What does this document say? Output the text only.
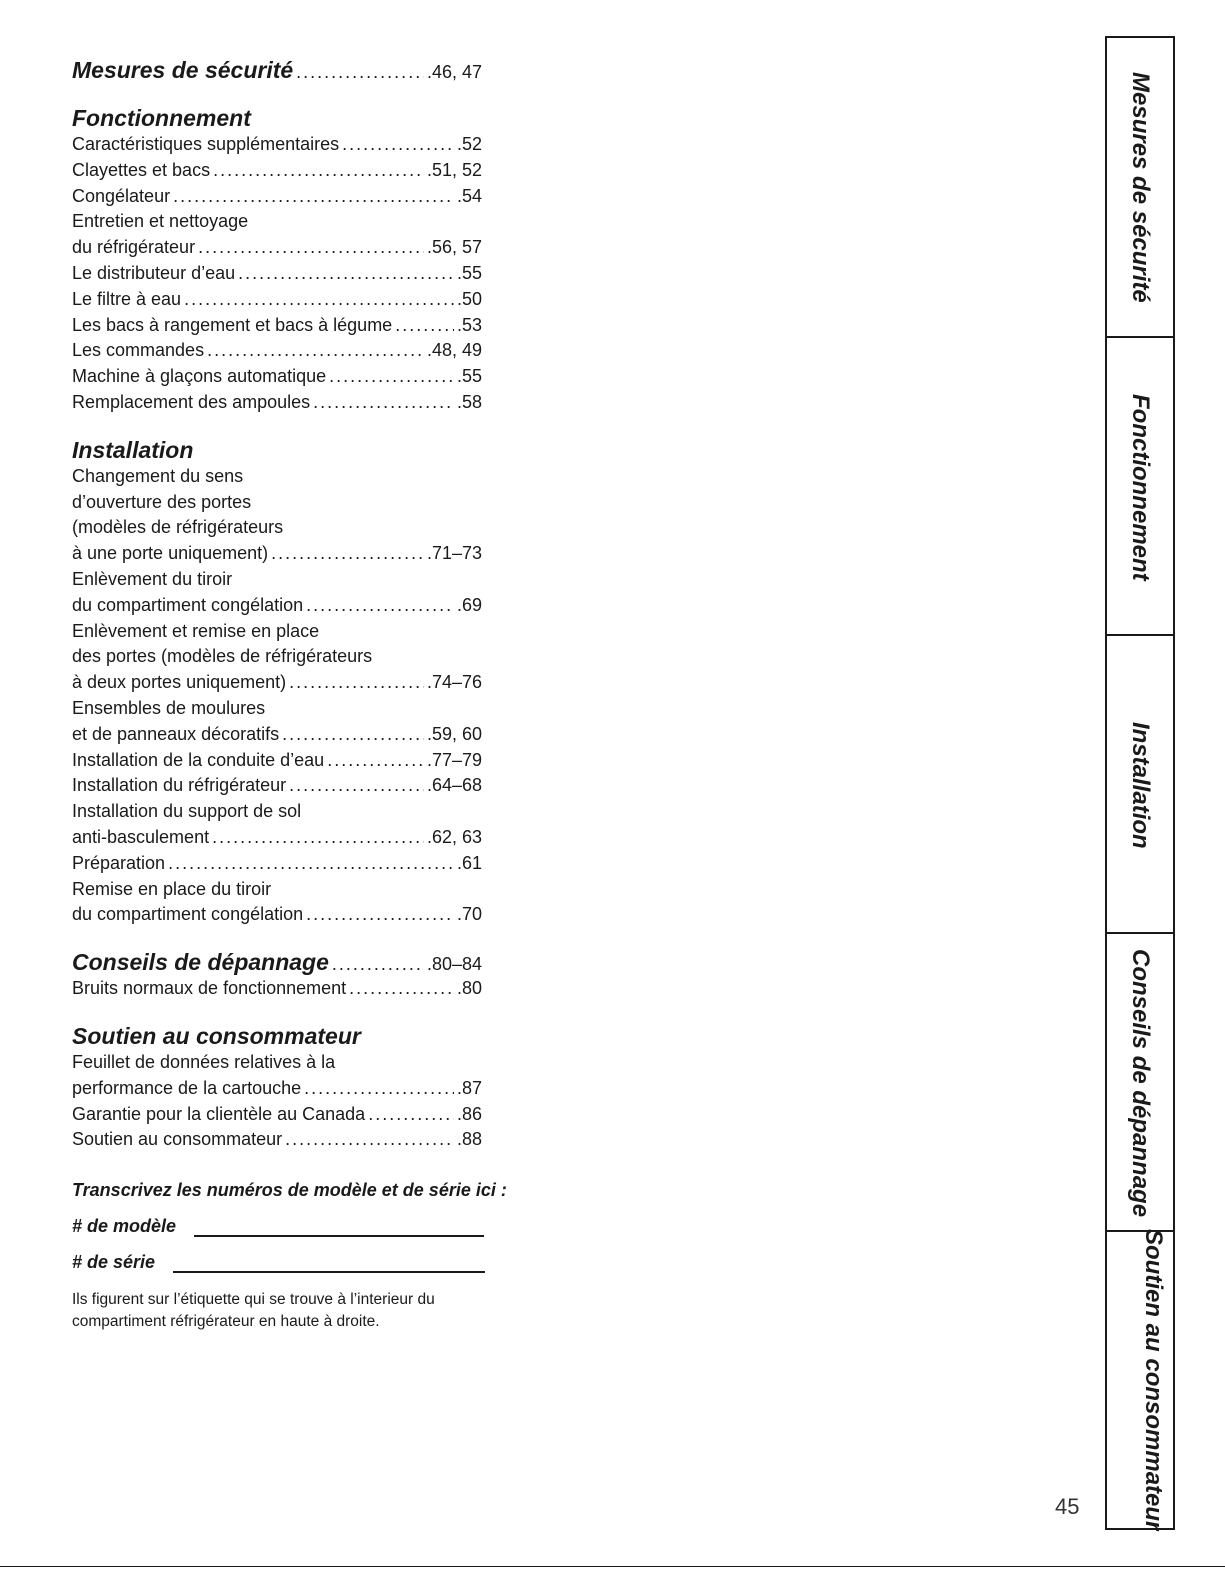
Mesures de sécurité .....	.46, 47
Fonctionnement
Caractéristiques supplémentaires .....	.52
Clayettes et bacs .....	.51, 52
Congélateur .....	.54
Entretien et nettoyage
du réfrigérateur .....	.56, 57
Le distributeur d’eau .....	.55
Le filtre à eau .....	.50
Les bacs à rangement et bacs à légume .....	.53
Les commandes .....	.48, 49
Machine à glaçons automatique .....	.55
Remplacement des ampoules .....	.58
Installation
Changement du sens
d’ouverture des portes
(modèles de réfrigérateurs
à une porte uniquement) .....	.71–73
Enlèvement du tiroir
du compartiment congélation .....	.69
Enlèvement et remise en place
des portes (modèles de réfrigérateurs
à deux portes uniquement) .....	.74–76
Ensembles de moulures
et de panneaux décoratifs .....	.59, 60
Installation de la conduite d’eau .....	.77–79
Installation du réfrigérateur .....	.64–68
Installation du support de sol
anti-basculement .....	.62, 63
Préparation .....	.61
Remise en place du tiroir
du compartiment congélation .....	.70
Conseils de dépannage .....	.80–84
Bruits normaux de fonctionnement .....	.80
Soutien au consommateur
Feuillet de données relatives à la
performance de la cartouche .....	.87
Garantie pour la clientèle au Canada .....	.86
Soutien au consommateur .....	.88

Transcrivez les numéros de modèle et de série ici :

# de modèle
# de série
Ils figurent sur l’étiquette qui se trouve à l’interieur du compartiment réfrigérateur en haute à droite.
45
Mesures de sécurité
Fonctionnement
Installation
Conseils de dépannage
Soutien au consommateur
